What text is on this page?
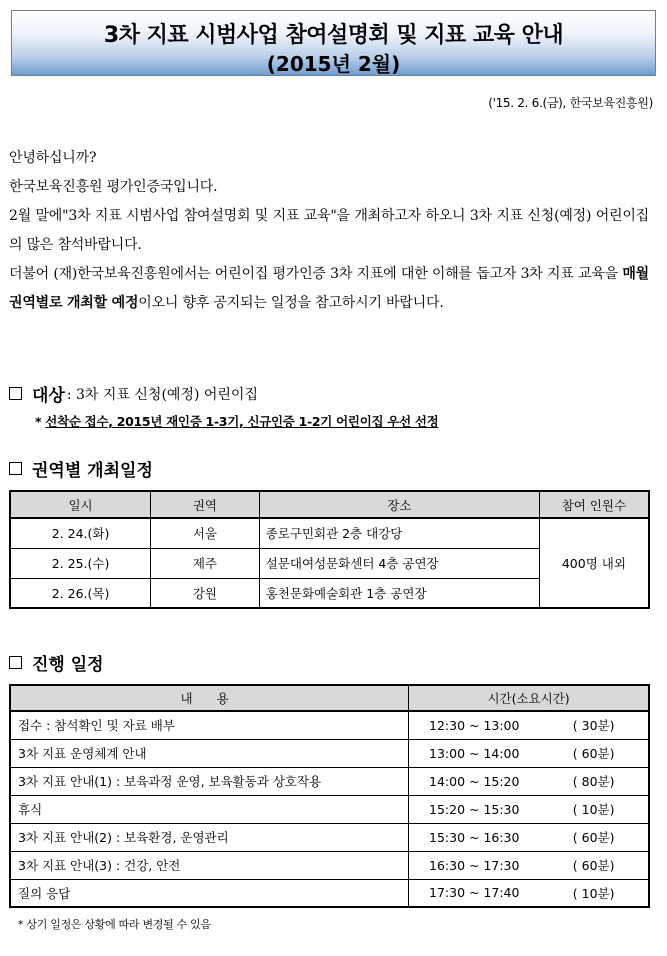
3차 지표 시범사업 참여설명회 및 지표 교육 안내
(2015년 2월)
('15. 2. 6.(금), 한국보육진흥원)
안녕하십니까?
한국보육진흥원 평가인증국입니다.
2월 말에"3차 지표 시범사업 참여설명회 및 지표 교육"을 개최하고자 하오니 3차 지표 신청(예정) 어린이집의 많은 참석바랍니다.
더불어 (재)한국보육진흥원에서는 어린이집 평가인증 3차 지표에 대한 이해를 돕고자 3차 지표 교육을 매월 권역별로 개최할 예정이오니 향후 공지되는 일정을 참고하시기 바랍니다.
대상 : 3차 지표 신청(예정) 어린이집
* 선착순 접수, 2015년 재인증 1-3기, 신규인증 1-2기 어린이집 우선 선정
권역별 개최일정
일시	권역	장소	참여 인원수
2. 24.(화)	서울	종로구민회관 2층 대강당	400명 내외
2. 25.(수)	제주	설문대여성문화센터 4층 공연장	
2. 26.(목)	강원	홍천문화예술회관 1층 공연장	
진행 일정
내 용	시간(소요시간)	
접수 : 참석확인 및 자료 배부	12:30 ~ 13:00	( 30분)
3차 지표 운영체계 안내	13:00 ~ 14:00	( 60분)
3차 지표 안내(1) : 보육과정 운영, 보육활동과 상호작용	14:00 ~ 15:20	( 80분)
휴식	15:20 ~ 15:30	( 10분)
3차 지표 안내(2) : 보육환경, 운영관리	15:30 ~ 16:30	( 60분)
3차 지표 안내(3) : 건강, 안전	16:30 ~ 17:30	( 60분)
질의 응답	17:30 ~ 17:40	( 10분)
* 상기 일정은 상황에 따라 변경될 수 있음
